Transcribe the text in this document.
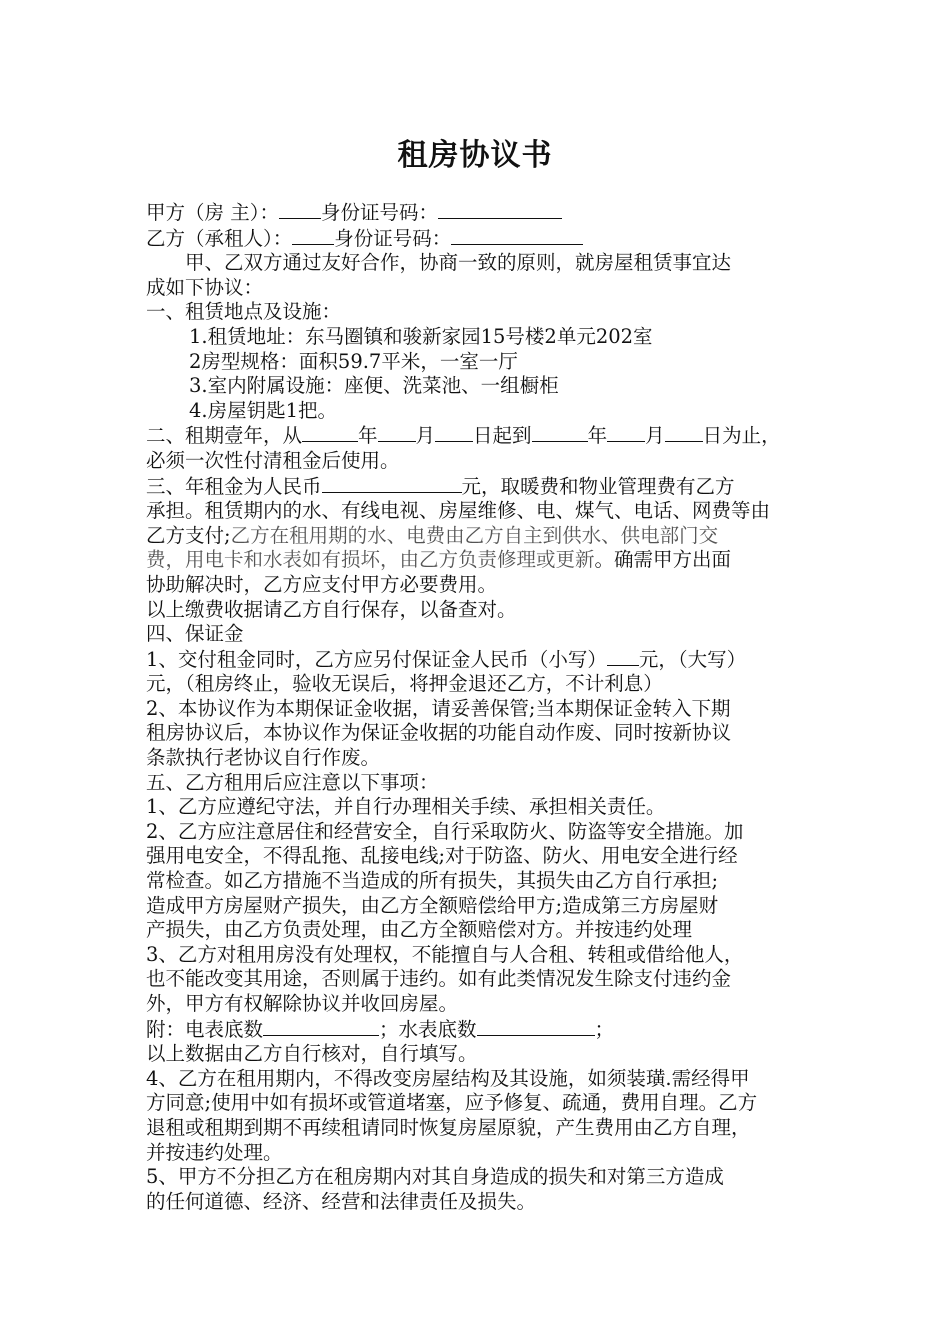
租房协议书
甲方（房 主）： 身份证号码：
乙方（承租人）： 身份证号码：
甲、乙双方通过友好合作，协商一致的原则，就房屋租赁事宜达
成如下协议：
一、租赁地点及设施：
1.租赁地址：东马圈镇和骏新家园15号楼2单元202室
2房型规格：面积59.7平米，一室一厅
3.室内附属设施：座便、洗菜池、一组橱柜
4.房屋钥匙1把。
二、租期壹年，从	年 月 日起到	年 月 日为止，
必须一次性付清租金后使用。
三、年租金为人民币	元，取暖费和物业管理费有乙方
承担。租赁期内的水、有线电视、房屋维修、电、煤气、电话、网费等由
乙方支付;乙方在租用期的水、电费由乙方自主到供水、供电部门交
费，用电卡和水表如有损坏，由乙方负责修理或更新。确需甲方出面
协助解决时，乙方应支付甲方必要费用。
以上缴费收据请乙方自行保存，以备查对。
四、保证金
1、交付租金同时，乙方应另付保证金人民币（小写） 元，（大写）
元，（租房终止，验收无误后，将押金退还乙方，不计利息）
2、本协议作为本期保证金收据，请妥善保管;当本期保证金转入下期
租房协议后，本协议作为保证金收据的功能自动作废、同时按新协议
条款执行老协议自行作废。
五、乙方租用后应注意以下事项：
1、乙方应遵纪守法，并自行办理相关手续、承担相关责任。
2、乙方应注意居住和经营安全，自行采取防火、防盗等安全措施。加
强用电安全，不得乱拖、乱接电线;对于防盗、防火、用电安全进行经
常检查。如乙方措施不当造成的所有损失，其损失由乙方自行承担;
造成甲方房屋财产损失，由乙方全额赔偿给甲方;造成第三方房屋财
产损失，由乙方负责处理，由乙方全额赔偿对方。并按违约处理
3、乙方对租用房没有处理权，不能擅自与人合租、转租或借给他人，
也不能改变其用途，否则属于违约。如有此类情况发生除支付违约金
外，甲方有权解除协议并收回房屋。
附：电表底数	；水表底数	；
以上数据由乙方自行核对，自行填写。
4、乙方在租用期内，不得改变房屋结构及其设施，如须装璜.需经得甲
方同意;使用中如有损坏或管道堵塞，应予修复、疏通，费用自理。乙方
退租或租期到期不再续租请同时恢复房屋原貌，产生费用由乙方自理，
并按违约处理。
5、甲方不分担乙方在租房期内对其自身造成的损失和对第三方造成
的任何道德、经济、经营和法律责任及损失。
